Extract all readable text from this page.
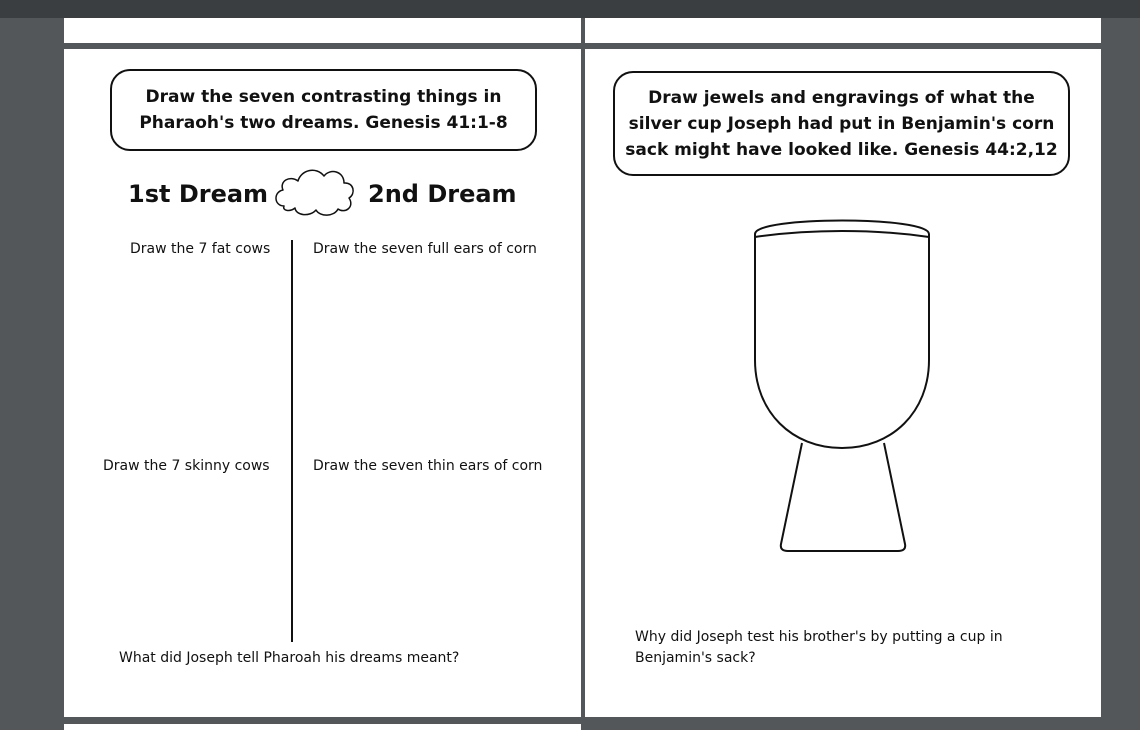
Draw the seven contrasting things in Pharaoh's two dreams. Genesis 41:1-8
1st Dream	2nd Dream
Draw the 7 fat cows	Draw the seven full ears of corn
Draw the 7 skinny cows	Draw the seven thin ears of corn
What did Joseph tell Pharoah his dreams meant?
Draw jewels and engravings of what the silver cup Joseph had put in Benjamin's corn sack might have looked like. Genesis 44:2,12
Why did Joseph test his brother's by putting a cup in Benjamin's sack?
